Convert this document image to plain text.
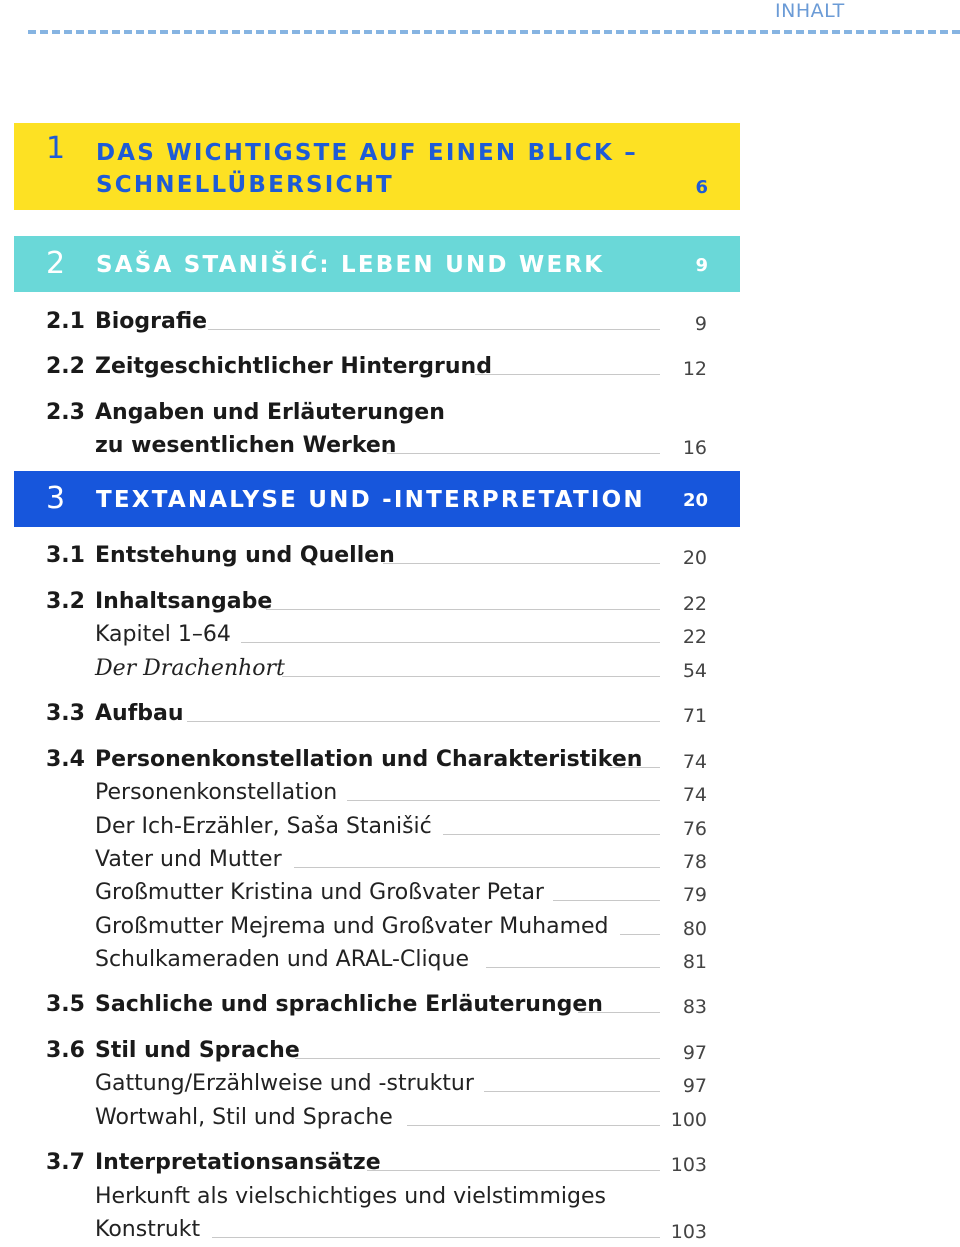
INHALT
1 DAS WICHTIGSTE AUF EINEN BLICK –
SCHNELLÜBERSICHT	6
2 SAŠA STANIŠIĆ: LEBEN UND WERK	9
2.1 Biografie	9
2.2 Zeitgeschichtlicher Hintergrund	12
2.3 Angaben und Erläuterungen
zu wesentlichen Werken	16
3 TEXTANALYSE UND -INTERPRETATION 20
3.1 Entstehung und Quellen	20
3.2 Inhaltsangabe	22
Kapitel 1–64	22
Der Drachenhort	54
3.3 Aufbau	71
3.4 Personenkonstellation und Charakteristiken 74
Personenkonstellation	74
Der Ich-Erzähler, Saša Stanišić	76
Vater und Mutter	78
Großmutter Kristina und Großvater Petar	79
Großmutter Mejrema und Großvater Muhamed	80
Schulkameraden und ARAL-Clique	81
3.5 Sachliche und sprachliche Erläuterungen	83
3.6 Stil und Sprache	97
Gattung/Erzählweise und -struktur	97
Wortwahl, Stil und Sprache	100
3.7 Interpretationsansätze	103
Herkunft als vielschichtiges und vielstimmiges
Konstrukt	103
